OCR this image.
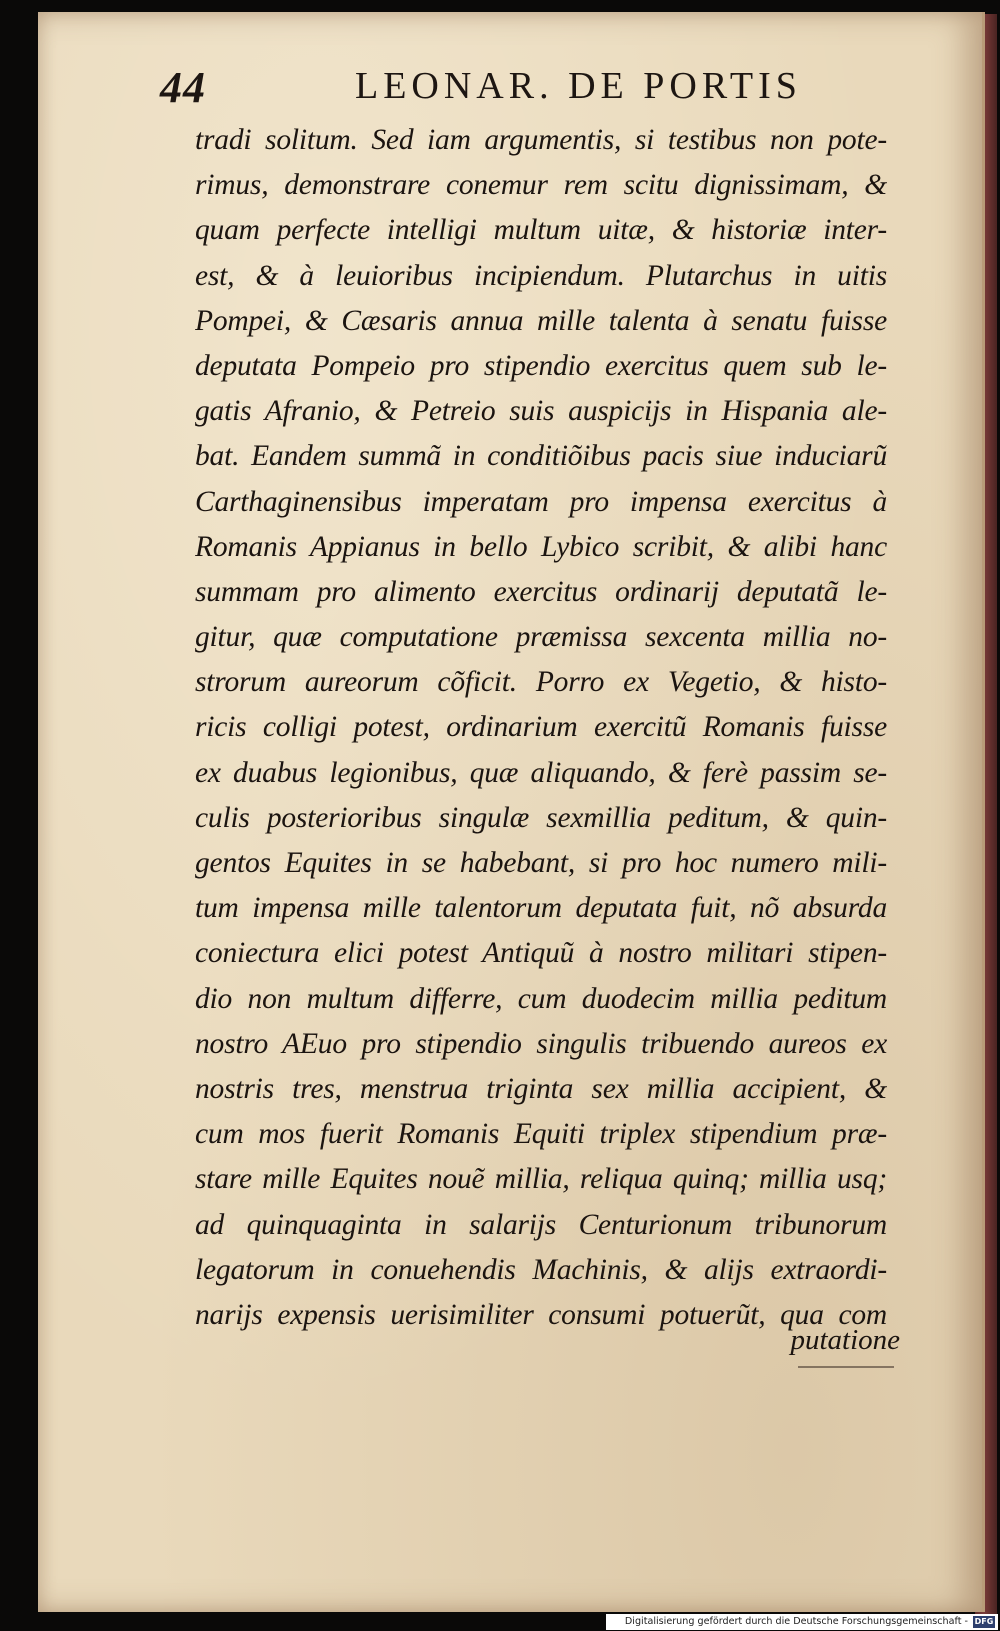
44	LEONAR. DE PORTIS
tradi solitum. Sed iam argumentis, si testibus non pote-
rimus, demonstrare conemur rem scitu dignissimam, &
quam perfecte intelligi multum uitæ, & historiæ inter-
est, & à leuioribus incipiendum. Plutarchus in uitis
Pompei, & Cæsaris annua mille talenta à senatu fuisse
deputata Pompeio pro stipendio exercitus quem sub le-
gatis Afranio, & Petreio suis auspicijs in Hispania ale-
bat. Eandem summã in conditiõibus pacis siue induciarũ
Carthaginensibus imperatam pro impensa exercitus à
Romanis Appianus in bello Lybico scribit, & alibi hanc
summam pro alimento exercitus ordinarij deputatã le-
gitur, quæ computatione præmissa sexcenta millia no-
strorum aureorum cõficit. Porro ex Vegetio, & histo-
ricis colligi potest, ordinarium exercitũ Romanis fuisse
ex duabus legionibus, quæ aliquando, & ferè passim se-
culis posterioribus singulæ sexmillia peditum, & quin-
gentos Equites in se habebant, si pro hoc numero mili-
tum impensa mille talentorum deputata fuit, nõ absurda
coniectura elici potest Antiquũ à nostro militari stipen-
dio non multum differre, cum duodecim millia peditum
nostro AEuo pro stipendio singulis tribuendo aureos ex
nostris tres, menstrua triginta sex millia accipient, &
cum mos fuerit Romanis Equiti triplex stipendium præ-
stare mille Equites nouẽ millia, reliqua quinq; millia usq;
ad quinquaginta in salarijs Centurionum tribunorum
legatorum in conuehendis Machinis, & alijs extraordi-
narijs expensis uerisimiliter consumi potuerũt, qua com
putatione
Digitalisierung gefördert durch die Deutsche Forschungsgemeinschaft - DFG
